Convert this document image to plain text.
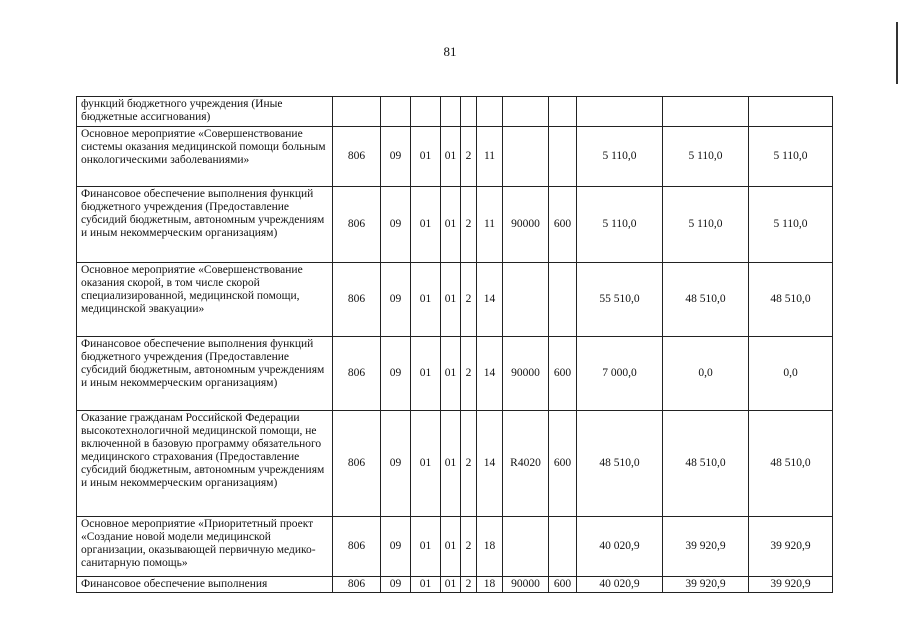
81
функций бюджетного учреждения (Иные бюджетные ассигнования)											
Основное мероприятие «Совершенствование системы оказания медицинской помощи больным онкологическими заболеваниями»	806	09	01	01	2	11			5 110,0	5 110,0	5 110,0
Финансовое обеспечение выполнения функций бюджетного учреждения (Предоставление субсидий бюджетным, автономным учреждениям и иным некоммерческим организациям)	806	09	01	01	2	11	90000	600	5 110,0	5 110,0	5 110,0
Основное мероприятие «Совершенствование оказания скорой, в том числе скорой специализированной, медицинской помощи, медицинской эвакуации»	806	09	01	01	2	14			55 510,0	48 510,0	48 510,0
Финансовое обеспечение выполнения функций бюджетного учреждения (Предоставление субсидий бюджетным, автономным учреждениям и иным некоммерческим организациям)	806	09	01	01	2	14	90000	600	7 000,0	0,0	0,0
Оказание гражданам Российской Федерации высокотехнологичной медицинской помощи, не включенной в базовую программу обязательного медицинского страхования (Предоставление субсидий бюджетным, автономным учреждениям и иным некоммерческим организациям)	806	09	01	01	2	14	R4020	600	48 510,0	48 510,0	48 510,0
Основное мероприятие «Приоритетный проект «Создание новой модели медицинской организации, оказывающей первичную медико-санитарную помощь»	806	09	01	01	2	18			40 020,9	39 920,9	39 920,9
Финансовое обеспечение выполнения	806	09	01	01	2	18	90000	600	40 020,9	39 920,9	39 920,9
